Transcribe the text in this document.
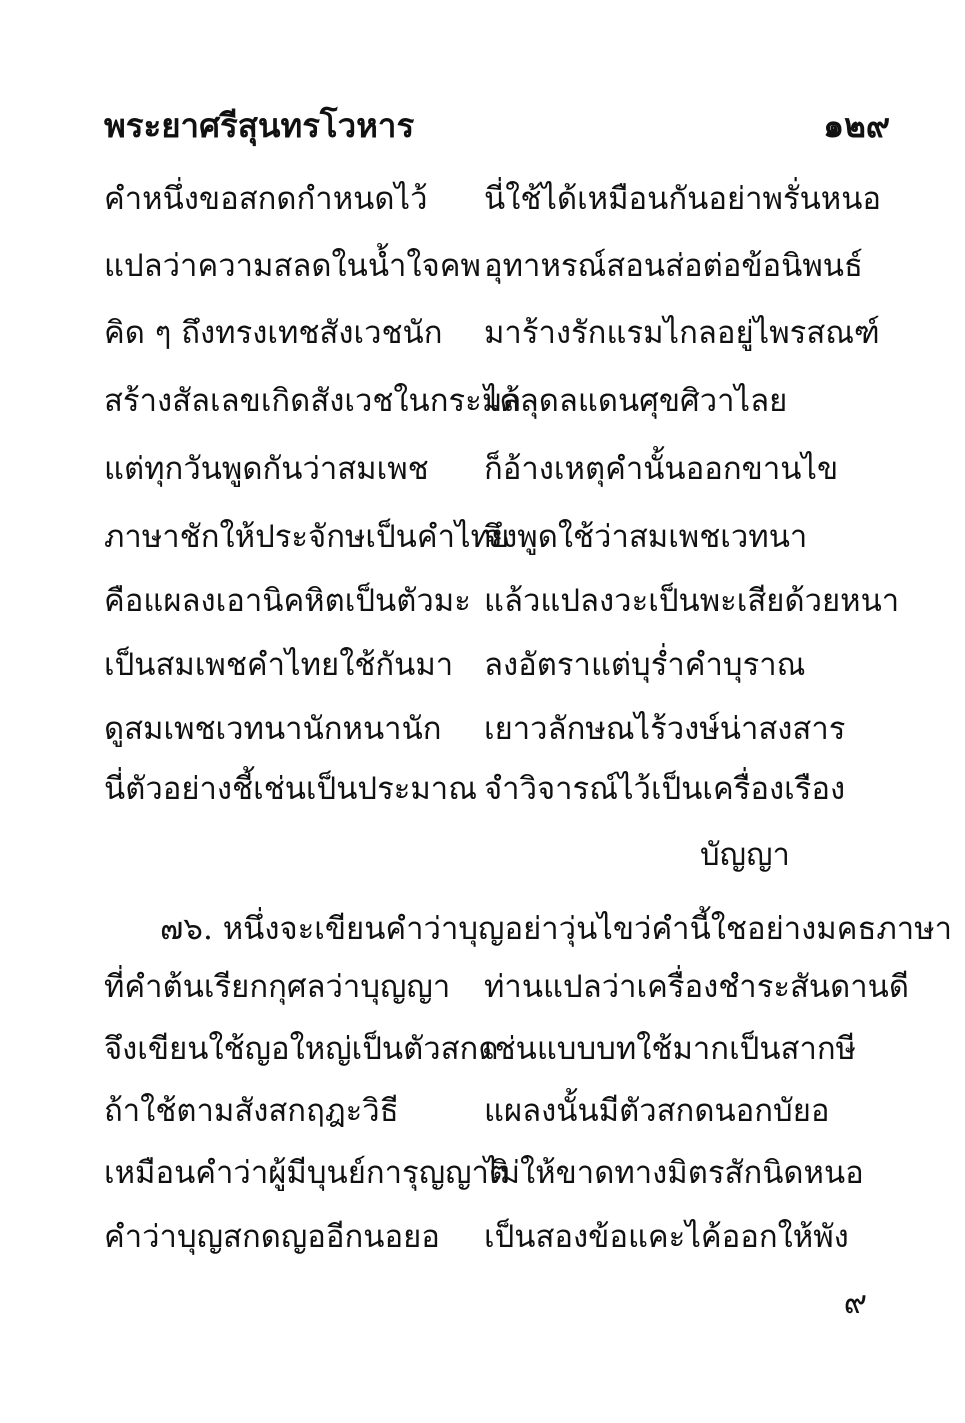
พระยาศรีสุนทรโวหาร	๑๒๙
คำหนึ่งขอสกดกำหนดไว้ นี่ใช้ได้เหมือนกันอย่าพรั่นหนอ
แปลว่าความสลดในน้ำใจคพ อุทาหรณ์สอนส่อต่อข้อนิพนธ์
คิด ๆ ถึงทรงเทชสังเวชนัก มาร้างรักแรมไกลอยู่ไพรสณฑ์
สร้างสัลเลขเกิดสังเวชในกระมล
ได้ลุดลแดนศุขศิวาไลย
แต่ทุกวันพูดกันว่าสมเพช ก็อ้างเหตุคำนั้นออกขานไข
ภาษาชักให้ประจักษเป็นคำไทย
จึงพูดใช้ว่าสมเพชเวทนา
คือแผลงเอานิคหิตเป็นตัวมะ แล้วแปลงวะเป็นพะเสียด้วยหนา
เป็นสมเพชคำไทยใช้กันมา ลงอัตราแต่บุร่ำคำบุราณ
ดูสมเพชเวทนานักหนานัก เยาวลักษณไร้วงษ์น่าสงสาร
นี่ตัวอย่างชี้เช่นเป็นประมาณ จำวิจารณ์ไว้เป็นเครื่องเรือง
บัญญา
๗๖. หนึ่งจะเขียนคำว่าบุญอย่าวุ่นไขว่คำนี้ใชอย่างมคธภาษา
ที่คำต้นเรียกกุศลว่าบุญญา ท่านแปลว่าเครื่องชำระสันดานดี
จึงเขียนใช้ญอใหญ่เป็นตัวสกด
เช่นแบบบทใช้มากเป็นสากษี
ถ้าใช้ตามสังสกฤฎะวิธี	แผลงนั้นมีตัวสกดนอกบัยอ
เหมือนคำว่าผู้มีบุนย์การุญญาติ
ไม่ให้ขาดทางมิตรสักนิดหนอ
คำว่าบุญสกดญออีกนอยอ เป็นสองข้อแคะไค้ออกให้พัง
๙
